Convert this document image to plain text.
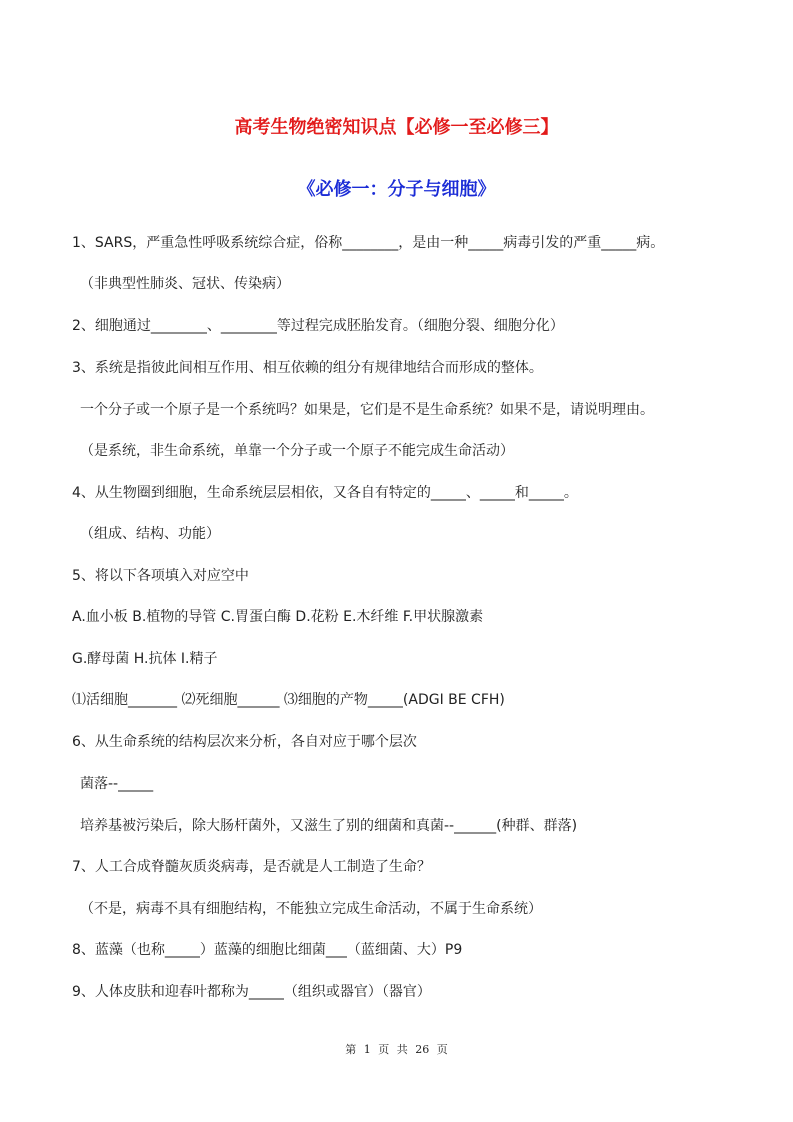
高考生物绝密知识点【必修一至必修三】
《必修一：分子与细胞》
1、SARS，严重急性呼吸系统综合症，俗称________，是由一种_____病毒引发的严重_____病。
（非典型性肺炎、冠状、传染病）
2、细胞通过________、________等过程完成胚胎发育。（细胞分裂、细胞分化）
3、系统是指彼此间相互作用、相互依赖的组分有规律地结合而形成的整体。
一个分子或一个原子是一个系统吗？如果是，它们是不是生命系统？如果不是，请说明理由。
（是系统，非生命系统，单靠一个分子或一个原子不能完成生命活动）
4、从生物圈到细胞，生命系统层层相依，又各自有特定的_____、_____和_____。
（组成、结构、功能）
5、将以下各项填入对应空中
A.血小板 B.植物的导管 C.胃蛋白酶 D.花粉 E.木纤维 F.甲状腺激素
G.酵母菌 H.抗体 I.精子
⑴活细胞_______ ⑵死细胞______ ⑶细胞的产物_____(ADGI BE CFH)
6、从生命系统的结构层次来分析，各自对应于哪个层次
菌落--_____
培养基被污染后，除大肠杆菌外，又滋生了别的细菌和真菌--______(种群、群落)
7、人工合成脊髓灰质炎病毒，是否就是人工制造了生命？
（不是，病毒不具有细胞结构，不能独立完成生命活动，不属于生命系统）
8、蓝藻（也称_____）蓝藻的细胞比细菌___（蓝细菌、大）P9
9、人体皮肤和迎春叶都称为_____（组织或器官）（器官）
第 1 页 共 26 页
